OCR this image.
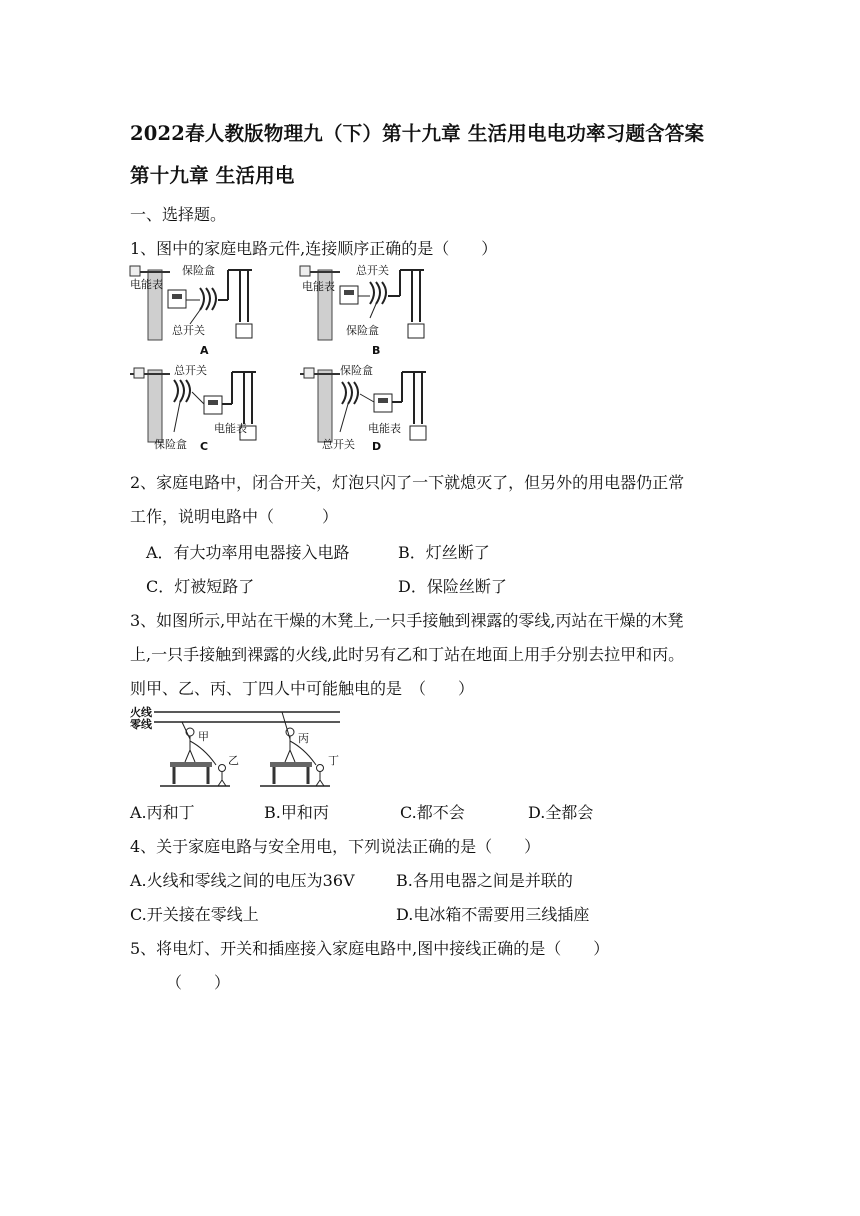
2022春人教版物理九（下）第十九章 生活用电电功率习题含答案
第十九章 生活用电
一、选择题。
1、图中的家庭电路元件,连接顺序正确的是（　　）
保险盒
电能表
总开关
A
总开关
电能表
保险盒
B
总开关
电能表
保险盒 C
保险盒
电能表
总开关 D
2、家庭电路中，闭合开关，灯泡只闪了一下就熄灭了，但另外的用电器仍正常
工作，说明电路中（　　　）
A．有大功率用电器接入电路	B．灯丝断了
C．灯被短路了	D．保险丝断了
3、如图所示,甲站在干燥的木凳上,一只手接触到裸露的零线,丙站在干燥的木凳
上,一只手接触到裸露的火线,此时另有乙和丁站在地面上用手分别去拉甲和丙。
则甲、乙、丙、丁四人中可能触电的是　（　　）
火线
零线
甲
乙
丙
丁
A.丙和丁	B.甲和丙	C.都不会	D.全都会
4、关于家庭电路与安全用电，下列说法正确的是（　　）
A.火线和零线之间的电压为36V	B.各用电器之间是并联的
C.开关接在零线上	D.电冰箱不需要用三线插座
5、将电灯、开关和插座接入家庭电路中,图中接线正确的是（　　）
（　　）
